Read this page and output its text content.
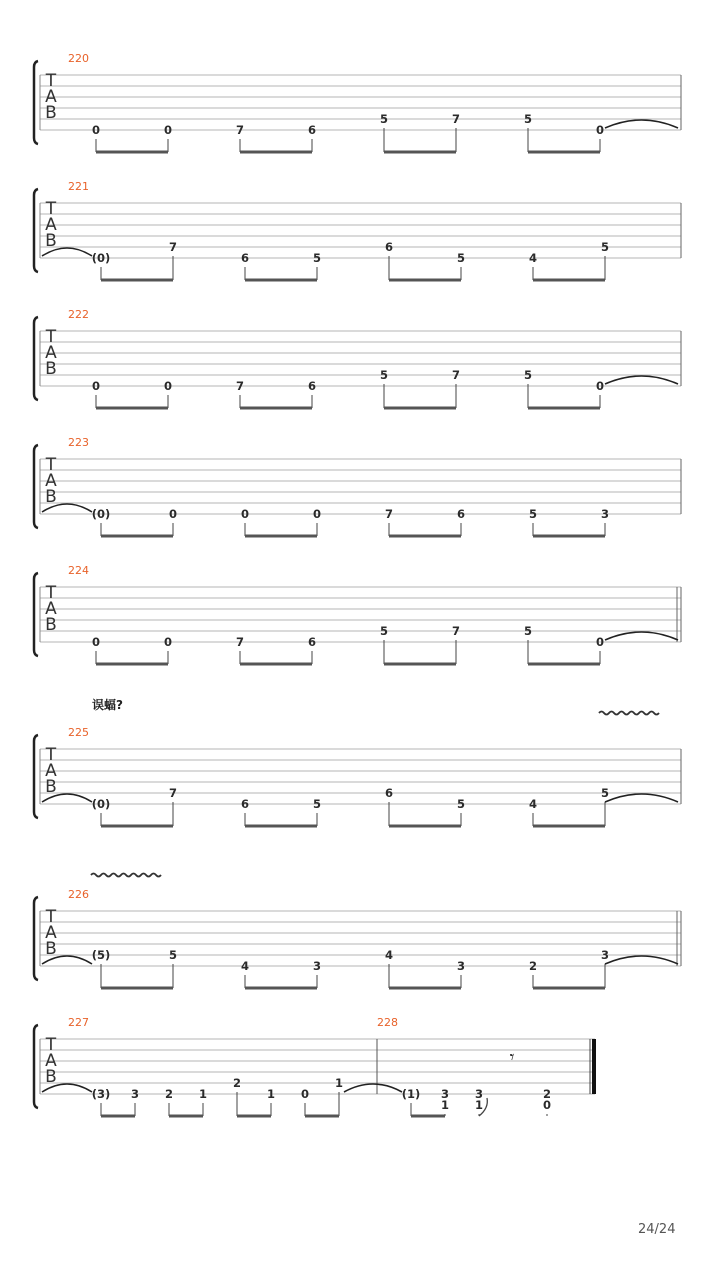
T
A
B
220
0	0	7	6
5	7	5
0
T
A
B
221
(0)
7
6	5
6
5	4
5
T
A
B
222
0	0	7	6
5	7	5
0
T
A
B
223
(0)	0	0	0	7	6	5	3
T
A
B
224
0	0	7	6
5	7	5
0
T
A
B
225
误蝠?
(0)
7
6	5
6
5	4
5
T
A
B
226
(5)	5
4	3
4
3	2
3
T
A
B
227	228
(3) 3 2 1
2
1 0
1
(1) 3
1
3
1
𝄾
2
0
24/24
